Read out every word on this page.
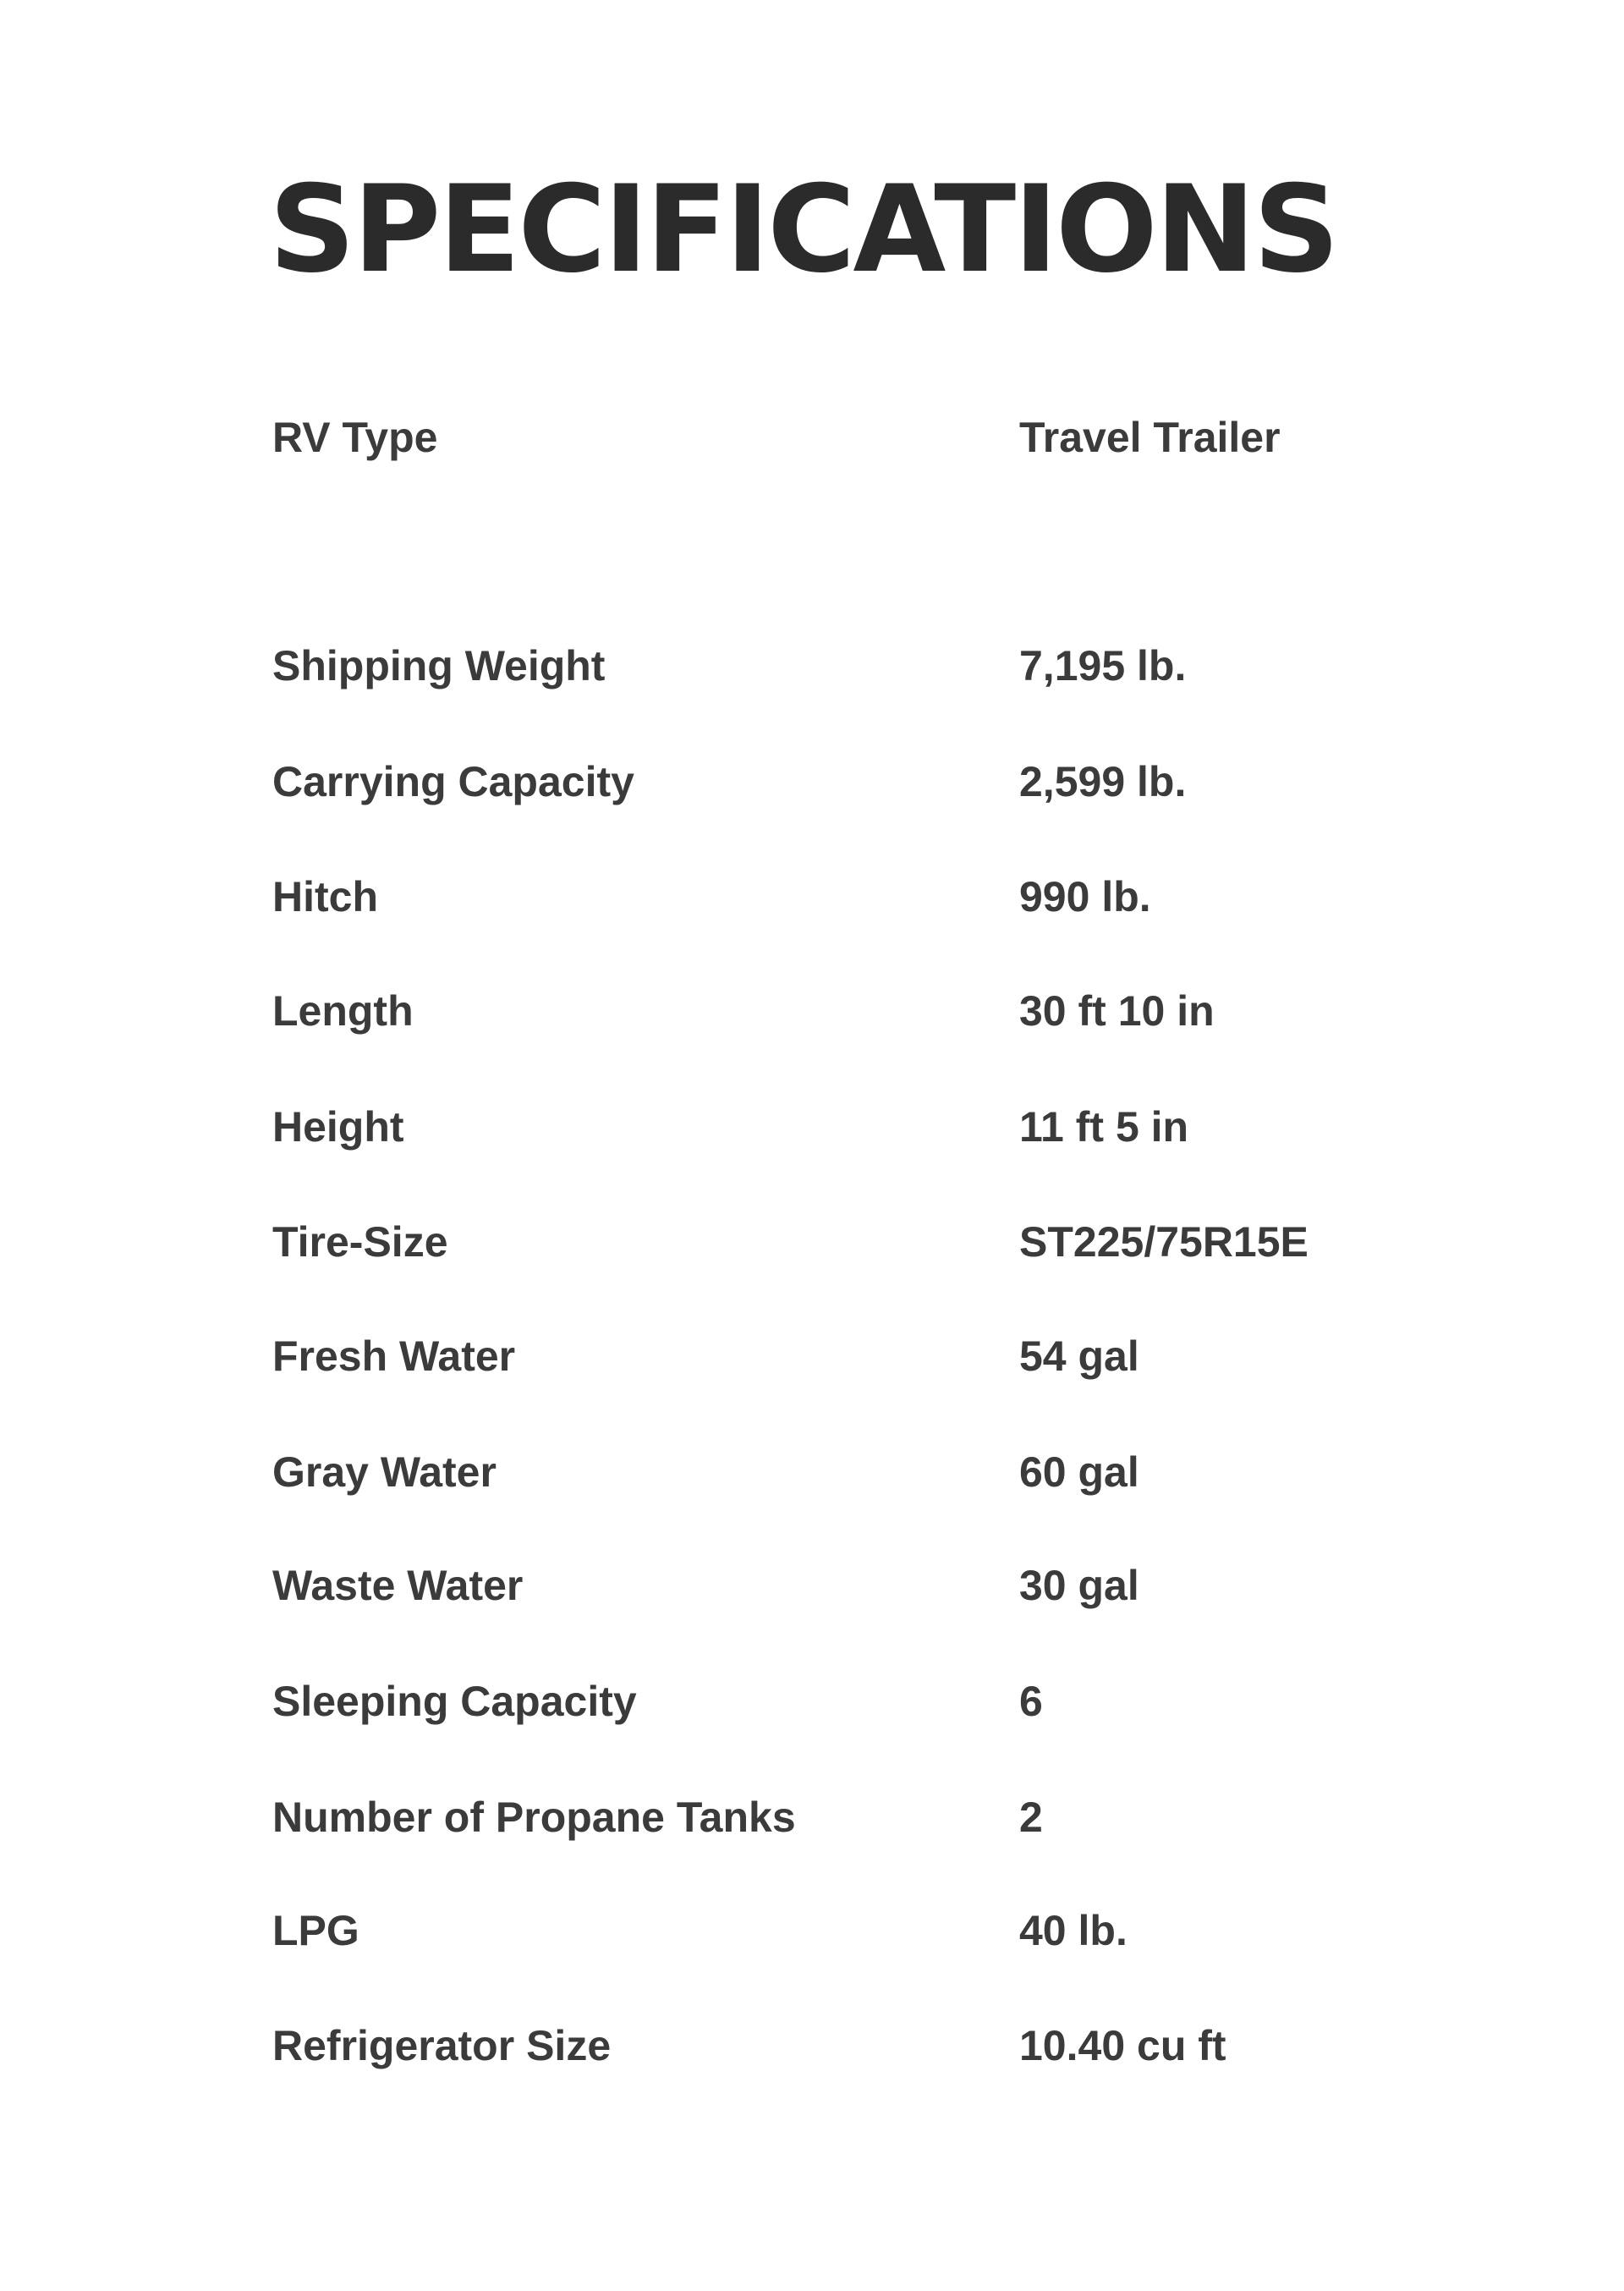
SPECIFICATIONS
RV Type	Travel Trailer
Shipping Weight	7,195 lb.
Carrying Capacity	2,599 lb.
Hitch	990 lb.
Length	30 ft 10 in
Height	11 ft 5 in
Tire-Size	ST225/75R15E
Fresh Water	54 gal
Gray Water	60 gal
Waste Water	30 gal
Sleeping Capacity	6
Number of Propane Tanks	2
LPG	40 lb.
Refrigerator Size	10.40 cu ft
